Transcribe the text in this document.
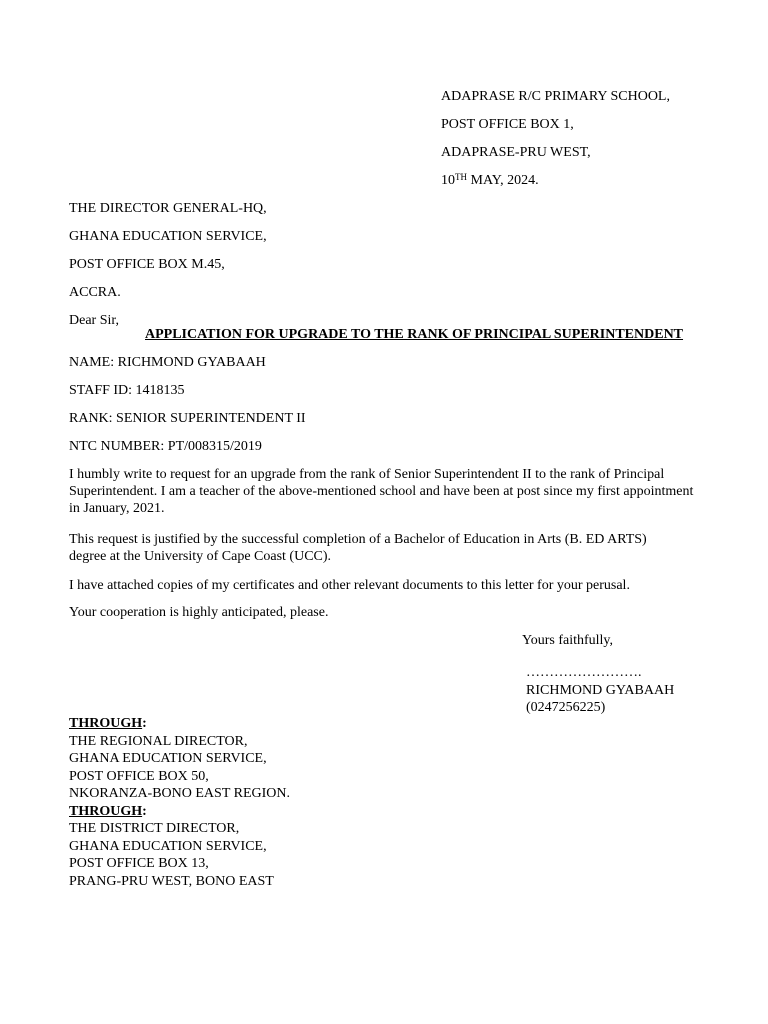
ADAPRASE R/C PRIMARY SCHOOL,
POST OFFICE BOX 1,
ADAPRASE-PRU WEST,
10TH MAY, 2024.
THE DIRECTOR GENERAL-HQ,
GHANA EDUCATION SERVICE,
POST OFFICE BOX M.45,
ACCRA.
Dear Sir,
APPLICATION FOR UPGRADE TO THE RANK OF PRINCIPAL SUPERINTENDENT
NAME: RICHMOND GYABAAH
STAFF ID: 1418135
RANK: SENIOR SUPERINTENDENT II
NTC NUMBER: PT/008315/2019
I humbly write to request for an upgrade from the rank of Senior Superintendent II to the rank of Principal Superintendent. I am a teacher of the above-mentioned school and have been at post since my first appointment in January, 2021.
This request is justified by the successful completion of a Bachelor of Education in Arts (B. ED ARTS) degree at the University of Cape Coast (UCC).
I have attached copies of my certificates and other relevant documents to this letter for your perusal.
Your cooperation is highly anticipated, please.
Yours faithfully,
…………………….
RICHMOND GYABAAH
(0247256225)
THROUGH:
THE REGIONAL DIRECTOR,
GHANA EDUCATION SERVICE,
POST OFFICE BOX 50,
NKORANZA-BONO EAST REGION.
THROUGH:
THE DISTRICT DIRECTOR,
GHANA EDUCATION SERVICE,
POST OFFICE BOX 13,
PRANG-PRU WEST, BONO EAST
